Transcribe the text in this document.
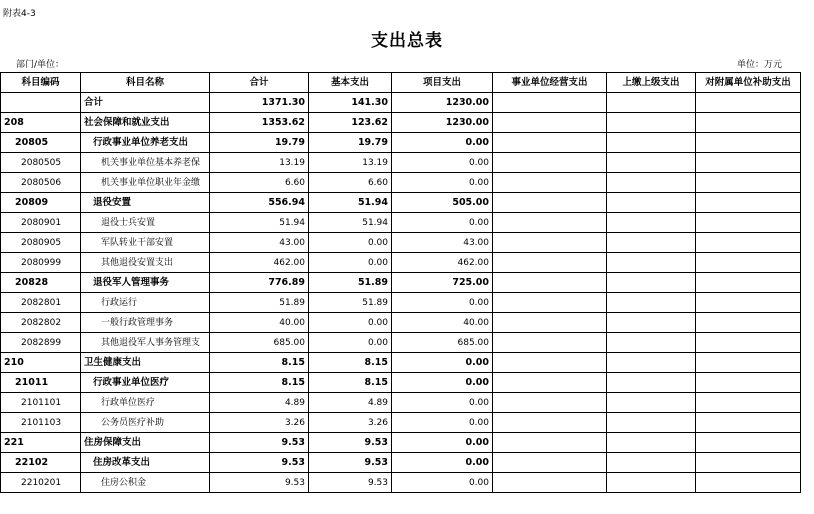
附表4-3
支出总表
部门/单位：	单位：万元
科目编码	科目名称	合计	基本支出	项目支出	事业单位经营支出	上缴上级支出	对附属单位补助支出
	合计	1371.30	141.30	1230.00			
208	社会保障和就业支出	1353.62	123.62	1230.00			
20805	行政事业单位养老支出	19.79	19.79	0.00			
2080505	机关事业单位基本养老保	13.19	13.19	0.00			
2080506	机关事业单位职业年金缴	6.60	6.60	0.00			
20809	退役安置	556.94	51.94	505.00			
2080901	退役士兵安置	51.94	51.94	0.00			
2080905	军队转业干部安置	43.00	0.00	43.00			
2080999	其他退役安置支出	462.00	0.00	462.00			
20828	退役军人管理事务	776.89	51.89	725.00			
2082801	行政运行	51.89	51.89	0.00			
2082802	一般行政管理事务	40.00	0.00	40.00			
2082899	其他退役军人事务管理支	685.00	0.00	685.00			
210	卫生健康支出	8.15	8.15	0.00			
21011	行政事业单位医疗	8.15	8.15	0.00			
2101101	行政单位医疗	4.89	4.89	0.00			
2101103	公务员医疗补助	3.26	3.26	0.00			
221	住房保障支出	9.53	9.53	0.00			
22102	住房改革支出	9.53	9.53	0.00			
2210201	住房公积金	9.53	9.53	0.00			
